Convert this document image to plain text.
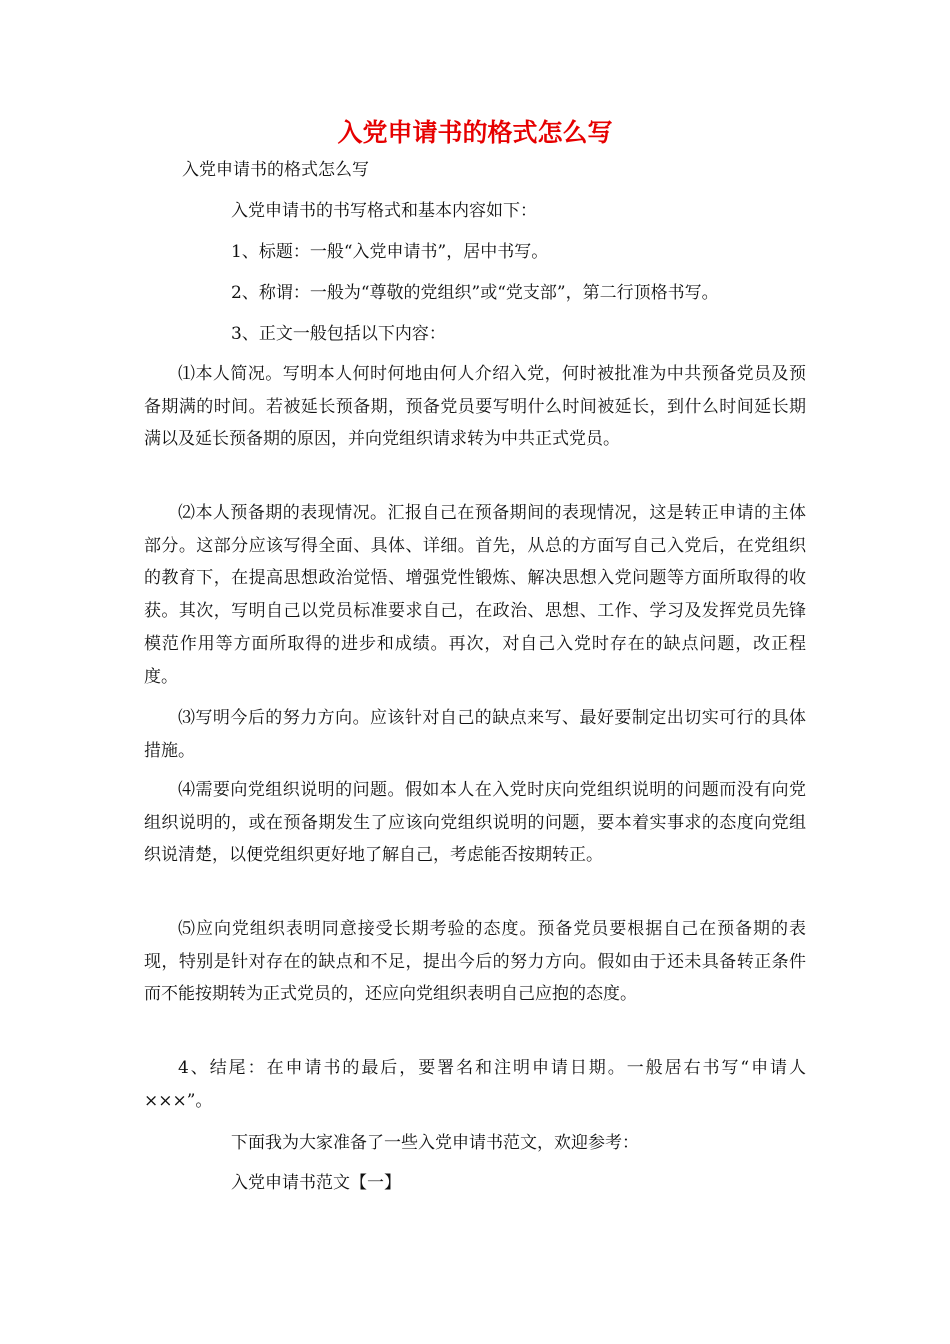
入党申请书的格式怎么写
入党申请书的格式怎么写
入党申请书的书写格式和基本内容如下：
1、标题：一般“入党申请书”，居中书写。
2、称谓：一般为“尊敬的党组织”或“党支部”，第二行顶格书写。
3、正文一般包括以下内容：
⑴本人简况。写明本人何时何地由何人介绍入党，何时被批准为中共预备党员及预备期满的时间。若被延长预备期，预备党员要写明什么时间被延长，到什么时间延长期满以及延长预备期的原因，并向党组织请求转为中共正式党员。
⑵本人预备期的表现情况。汇报自己在预备期间的表现情况，这是转正申请的主体部分。这部分应该写得全面、具体、详细。首先，从总的方面写自己入党后，在党组织的教育下，在提高思想政治觉悟、增强党性锻炼、解决思想入党问题等方面所取得的收获。其次，写明自己以党员标准要求自己，在政治、思想、工作、学习及发挥党员先锋模范作用等方面所取得的进步和成绩。再次，对自己入党时存在的缺点问题，改正程度。
⑶写明今后的努力方向。应该针对自己的缺点来写、最好要制定出切实可行的具体措施。
⑷需要向党组织说明的问题。假如本人在入党时庆向党组织说明的问题而没有向党组织说明的，或在预备期发生了应该向党组织说明的问题，要本着实事求的态度向党组织说清楚，以便党组织更好地了解自己，考虑能否按期转正。
⑸应向党组织表明同意接受长期考验的态度。预备党员要根据自己在预备期的表现，特别是针对存在的缺点和不足，提出今后的努力方向。假如由于还未具备转正条件而不能按期转为正式党员的，还应向党组织表明自己应抱的态度。
4、结尾：在申请书的最后，要署名和注明申请日期。一般居右书写“申请人×××”。
下面我为大家准备了一些入党申请书范文，欢迎参考：
入党申请书范文【一】
